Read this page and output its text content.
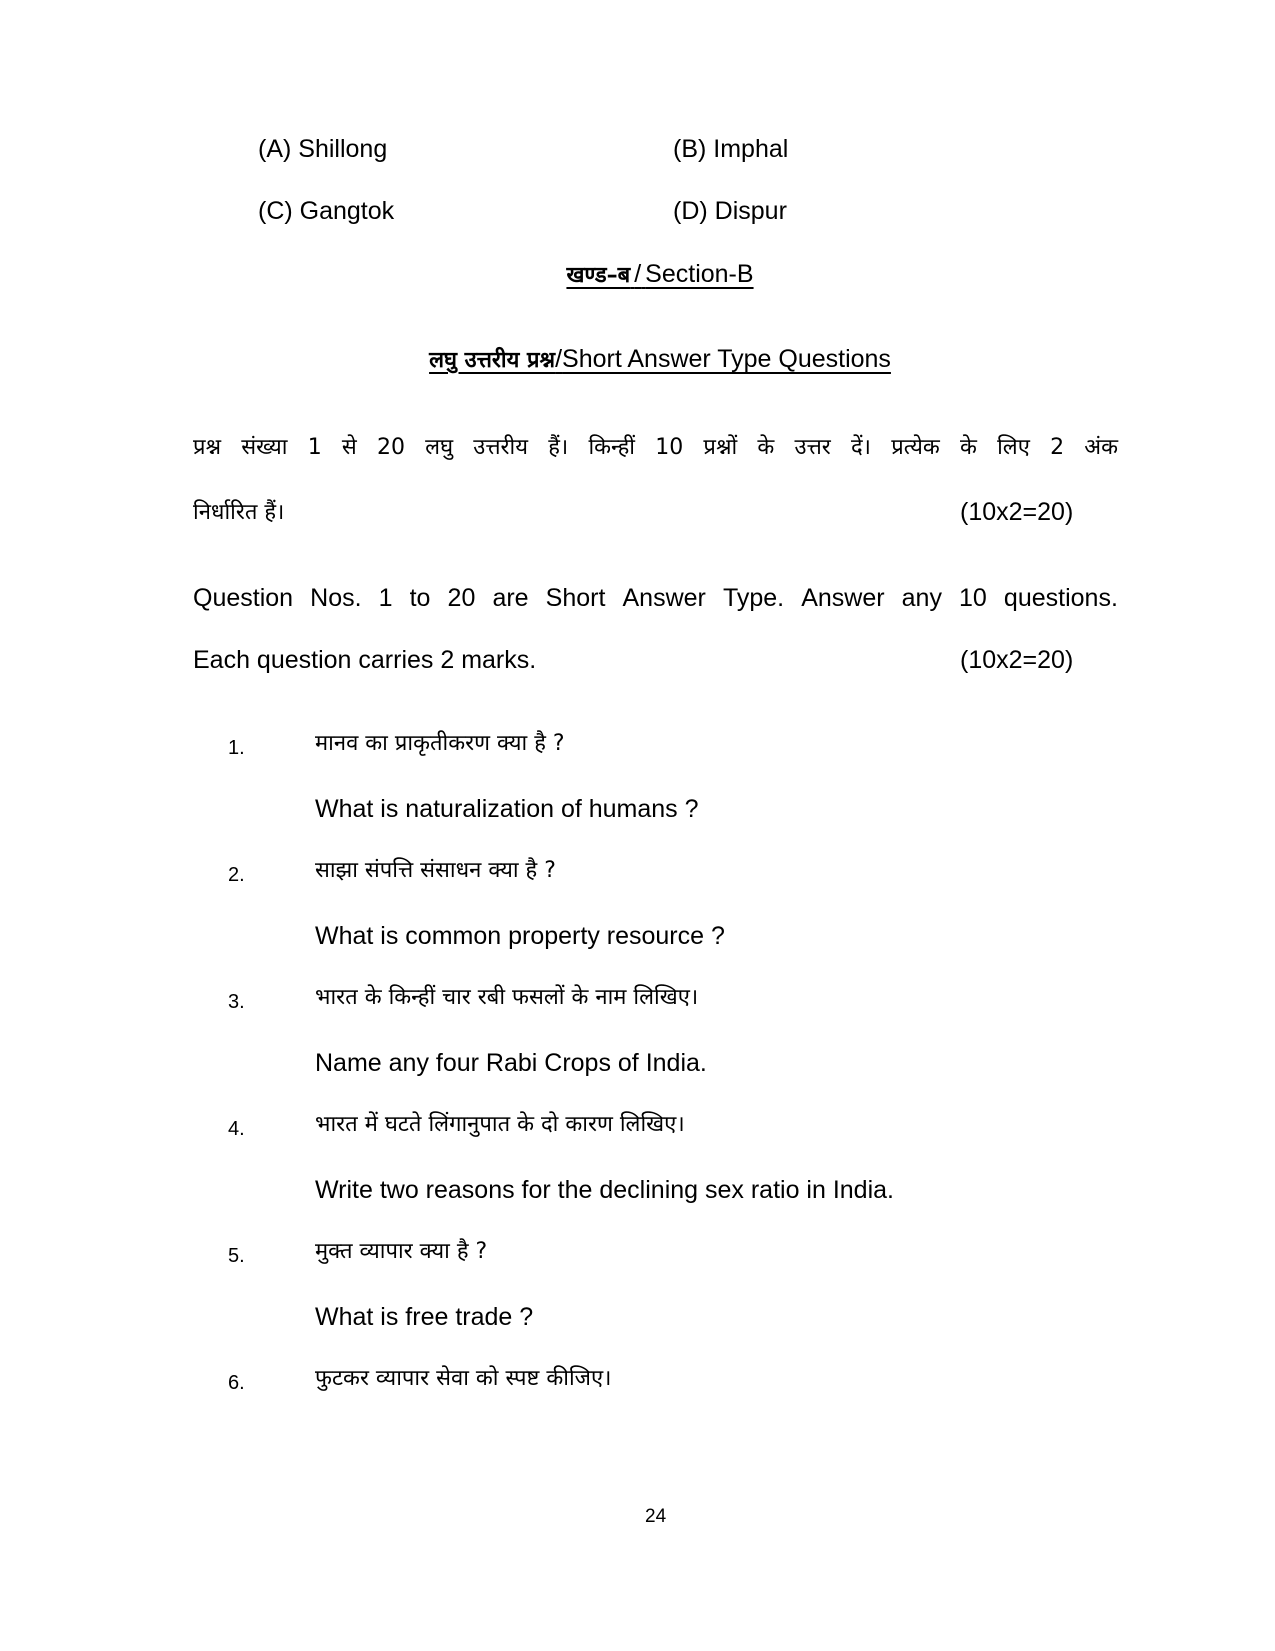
(A) Shillong	(B) Imphal
(C) Gangtok	(D) Dispur
खण्ड–ब / Section-B
लघु उत्तरीय प्रश्न/Short Answer Type Questions
प्रश्न संख्या 1 से 20 लघु उत्तरीय हैं। किन्हीं 10 प्रश्नों के उत्तर दें। प्रत्येक के लिए 2 अंक
निर्धारित हैं।	(10x2=20)
Question Nos. 1 to 20 are Short Answer Type. Answer any 10 questions.
Each question carries 2 marks.	(10x2=20)
1.	मानव का प्राकृतीकरण क्या है ?
What is naturalization of humans ?
2.	साझा संपत्ति संसाधन क्या है ?
What is common property resource ?
3.	भारत के किन्हीं चार रबी फसलों के नाम लिखिए।
Name any four Rabi Crops of India.
4.	भारत में घटते लिंगानुपात के दो कारण लिखिए।
Write two reasons for the declining sex ratio in India.
5.	मुक्त व्यापार क्या है ?
What is free trade ?
6.	फुटकर व्यापार सेवा को स्पष्ट कीजिए।
24
